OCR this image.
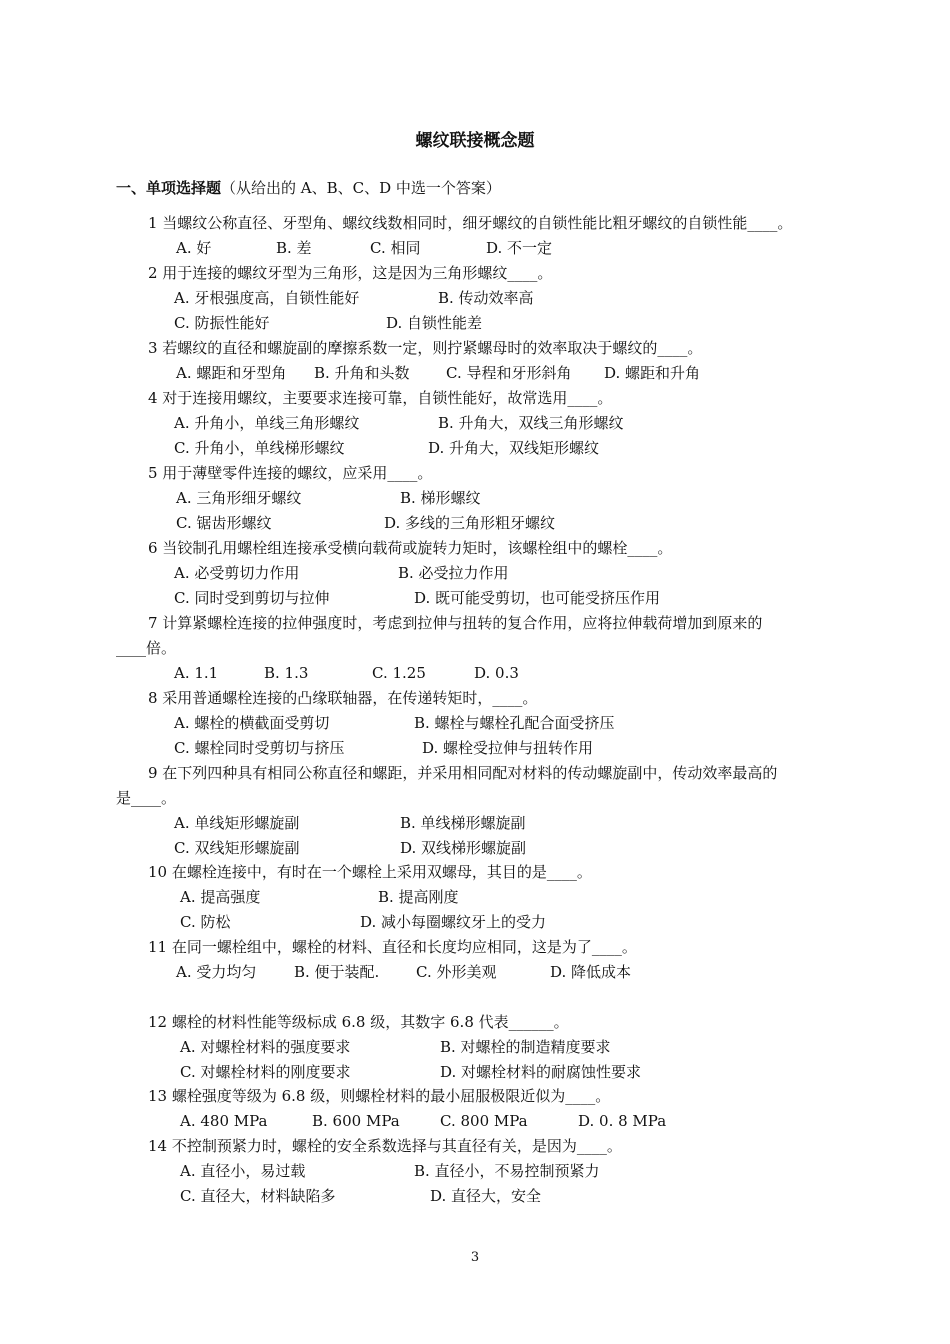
螺纹联接概念题
一、单项选择题（从给出的 A、B、C、D 中选一个答案）
1 当螺纹公称直径、牙型角、螺纹线数相同时，细牙螺纹的自锁性能比粗牙螺纹的自锁性能____。
A. 好	B. 差	C. 相同	D. 不一定
2 用于连接的螺纹牙型为三角形，这是因为三角形螺纹____。
A. 牙根强度高，自锁性能好	B. 传动效率高
C. 防振性能好	D. 自锁性能差
3 若螺纹的直径和螺旋副的摩擦系数一定，则拧紧螺母时的效率取决于螺纹的____。
A. 螺距和牙型角 B. 升角和头数 C. 导程和牙形斜角 D. 螺距和升角
4 对于连接用螺纹，主要要求连接可靠，自锁性能好，故常选用____。
A. 升角小，单线三角形螺纹	B. 升角大，双线三角形螺纹
C. 升角小，单线梯形螺纹	D. 升角大，双线矩形螺纹
5 用于薄壁零件连接的螺纹，应采用____。
A. 三角形细牙螺纹	B. 梯形螺纹
C. 锯齿形螺纹	D. 多线的三角形粗牙螺纹
6 当铰制孔用螺栓组连接承受横向载荷或旋转力矩时，该螺栓组中的螺栓____。
A. 必受剪切力作用	B. 必受拉力作用
C. 同时受到剪切与拉伸	D. 既可能受剪切，也可能受挤压作用
7 计算紧螺栓连接的拉伸强度时，考虑到拉伸与扭转的复合作用，应将拉伸载荷增加到原来的
____倍。
A. 1.1	B. 1.3	C. 1.25	D. 0.3
8 采用普通螺栓连接的凸缘联轴器，在传递转矩时，____。
A. 螺栓的横截面受剪切	B. 螺栓与螺栓孔配合面受挤压
C. 螺栓同时受剪切与挤压	D. 螺栓受拉伸与扭转作用
9 在下列四种具有相同公称直径和螺距，并采用相同配对材料的传动螺旋副中，传动效率最高的
是____。
A. 单线矩形螺旋副	B. 单线梯形螺旋副
C. 双线矩形螺旋副	D. 双线梯形螺旋副
10 在螺栓连接中，有时在一个螺栓上采用双螺母，其目的是____。
A. 提高强度	B. 提高刚度
C. 防松	D. 减小每圈螺纹牙上的受力
11 在同一螺栓组中，螺栓的材料、直径和长度均应相同，这是为了____。
A. 受力均匀	B. 便于装配. C. 外形美观	D. 降低成本
12 螺栓的材料性能等级标成 6.8 级，其数字 6.8 代表______。
A. 对螺栓材料的强度要求	B. 对螺栓的制造精度要求
C. 对螺栓材料的刚度要求	D. 对螺栓材料的耐腐蚀性要求
13 螺栓强度等级为 6.8 级，则螺栓材料的最小屈服极限近似为____。
A. 480 MPa	B. 600 MPa	C. 800 MPa	D. 0. 8 MPa
14 不控制预紧力时，螺栓的安全系数选择与其直径有关，是因为____。
A. 直径小，易过载	B. 直径小，不易控制预紧力
C. 直径大，材料缺陷多	D. 直径大，安全
3
